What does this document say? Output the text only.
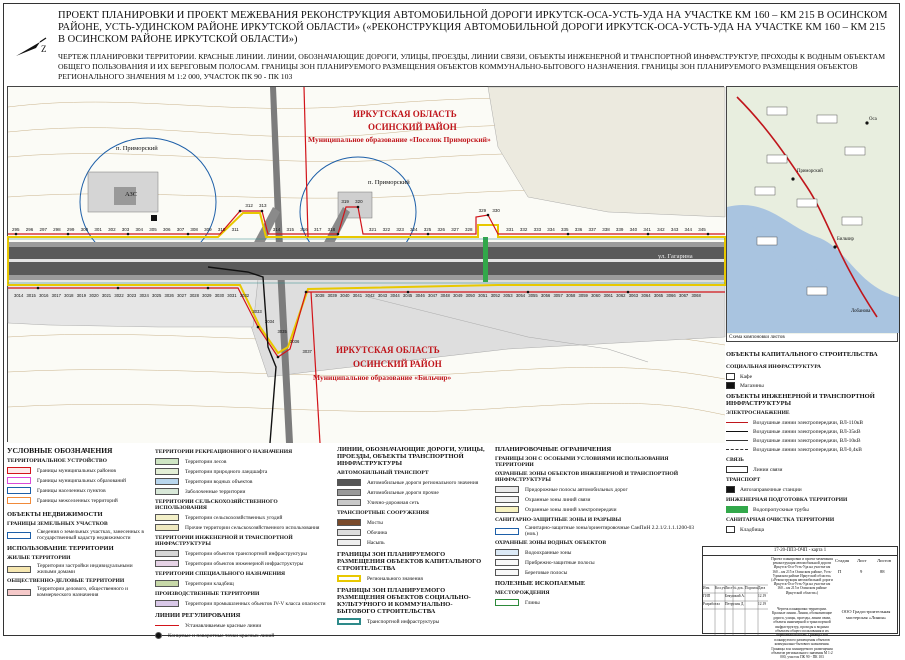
Z
ПРОЕКТ ПЛАНИРОВКИ И ПРОЕКТ МЕЖЕВАНИЯ РЕКОНСТРУКЦИЯ АВТОМОБИЛЬНОЙ ДОРОГИ ИРКУТСК-ОСА-УСТЬ-УДА НА УЧАСТКЕ КМ 160 – КМ 215 В ОСИНСКОМ РАЙОНЕ, УСТЬ-УДИНСКОМ РАЙОНЕ ИРКУТСКОЙ ОБЛАСТИ» («РЕКОНСТРУКЦИЯ АВТОМОБИЛЬНОЙ ДОРОГИ ИРКУТСК-ОСА-УСТЬ-УДА НА УЧАСТКЕ КМ 160 – КМ 215 В ОСИНСКОМ РАЙОНЕ ИРКУТСКОЙ ОБЛАСТИ»)
ЧЕРТЕЖ ПЛАНИРОВКИ ТЕРРИТОРИИ. КРАСНЫЕ ЛИНИИ. ЛИНИИ, ОБОЗНАЧАЮЩИЕ ДОРОГИ, УЛИЦЫ, ПРОЕЗДЫ, ЛИНИИ СВЯЗИ, ОБЪЕКТЫ ИНЖЕНЕРНОЙ И ТРАНСПОРТНОЙ ИНФРАСТРУКТУР, ПРОХОДЫ К ВОДНЫМ ОБЪЕКТАМ ОБЩЕГО ПОЛЬЗОВАНИЯ И ИХ БЕРЕГОВЫМ ПОЛОСАМ. ГРАНИЦЫ ЗОН ПЛАНИРУЕМОГО РАЗМЕЩЕНИЯ ОБЪЕКТОВ КОММУНАЛЬНО-БЫТОВОГО НАЗНАЧЕНИЯ. ГРАНИЦЫ ЗОН ПЛАНИРУЕМОГО РАЗМЕЩЕНИЯ ОБЪЕКТОВ РЕГИОНАЛЬНОГО ЗНАЧЕНИЯ М 1:2 000, УЧАСТОК ПК 90 - ПК 103
ИРКУТСКАЯ ОБЛАСТЬ
ОСИНСКИЙ РАЙОН
Муниципальное образование «Поселок Приморский»
ИРКУТСКАЯ ОБЛАСТЬ
ОСИНСКИЙ РАЙОН
Муниципальное образование «Бильчир»
п. Приморский
п. Приморский
АЗС
ул. Гагарина
295 296 297 298 299 300 301 302 303 304 305 306 307 308 309 310 311
312 313
314 315 316 317 318
319 320
321 322 323 324 325 326 327 328
329 330
331 332 333 334 335 336 337 338 339 340 341 342 343 344 345
3014 3015 3016 3017 3018 3019 3020 3021 3022 3023 3024 3025 3026 3027 3028 3029 3030 3031 3032
3033
3034
3035
3036
3037
3038 3039 3040 3041 3042 3043 3044 3045 3046 3047 3048 3049 3050 3051 3052 3053 3054 3055 3056 3057 3058 3059 3060 3061 3062 3063 3064 3065 3066 3067 3068
Приморский
Бильчир
Оса
Лобанова
Схема компоновки листов
ОБЪЕКТЫ КАПИТАЛЬНОГО СТРОИТЕЛЬСТВА
СОЦИАЛЬНАЯ ИНФРАСТРУКТУРА
Кафе
Магазины
ОБЪЕКТЫ ИНЖЕНЕРНОЙ И ТРАНСПОРТНОЙ ИНФРАСТРУКТУРЫ
ЭЛЕКТРОСНАБЖЕНИЕ
Воздушные линии электропередачи, ВЛ-110кВ
Воздушные линии электропередачи, ВЛ-35кВ
Воздушные линии электропередачи, ВЛ-10кВ
Воздушные линии электропередачи, ВЛ-0,4кВ
СВЯЗЬ
Линии связи
ТРАНСПОРТ
Автозаправочные станции
ИНЖЕНЕРНАЯ ПОДГОТОВКА ТЕРРИТОРИИ
Водопропускные трубы
САНИТАРНАЯ ОЧИСТКА ТЕРРИТОРИИ
Кладбища
УСЛОВНЫЕ ОБОЗНАЧЕНИЯ
ТЕРРИТОРИАЛЬНОЕ УСТРОЙСТВО
Границы муниципальных районов
Границы муниципальных образований
Границы населенных пунктов
Границы межселенных территорий
ОБЪЕКТЫ НЕДВИЖИМОСТИ
ГРАНИЦЫ ЗЕМЕЛЬНЫХ УЧАСТКОВ
Сведения о земельных участках, занесенных в государственный кадастр недвижимости
ИСПОЛЬЗОВАНИЕ ТЕРРИТОРИИ
ЖИЛЫЕ ТЕРРИТОРИИ
Территории застройки индивидуальными жилыми домами
ОБЩЕСТВЕННО-ДЕЛОВЫЕ ТЕРРИТОРИИ
Территории делового, общественного и коммерческого назначения
ТЕРРИТОРИИ РЕКРЕАЦИОННОГО НАЗНАЧЕНИЯ
Территории лесов
Территории природного ландшафта
Территории водных объектов
Заболоченные территории
ТЕРРИТОРИИ СЕЛЬСКОХОЗЯЙСТВЕННОГО ИСПОЛЬЗОВАНИЯ
Территории сельскохозяйственных угодий
Прочие территории сельскохозяйственного использования
ТЕРРИТОРИИ ИНЖЕНЕРНОЙ И ТРАНСПОРТНОЙ ИНФРАСТРУКТУРЫ
Территории объектов транспортной инфраструктуры
Территории объектов инженерной инфраструктуры
ТЕРРИТОРИИ СПЕЦИАЛЬНОГО НАЗНАЧЕНИЯ
Территории кладбищ
ПРОИЗВОДСТВЕННЫЕ ТЕРРИТОРИИ
Территории промышленных объектов IV-V класса опасности
ЛИНИИ РЕГУЛИРОВАНИЯ
Устанавливаемые красные линии
Концевые и поворотные точки красных линий
ЛИНИИ, ОБОЗНАЧАЮЩИЕ ДОРОГИ, УЛИЦЫ, ПРОЕЗДЫ, ОБЪЕКТЫ ТРАНСПОРТНОЙ ИНФРАСТРУКТУРЫ
АВТОМОБИЛЬНЫЙ ТРАНСПОРТ
Автомобильные дороги регионального значения
Автомобильные дороги прочие
Улично-дорожная сеть
ТРАНСПОРТНЫЕ СООРУЖЕНИЯ
Мосты
Обочина
Насыпь
ГРАНИЦЫ ЗОН ПЛАНИРУЕМОГО РАЗМЕЩЕНИЯ ОБЪЕКТОВ КАПИТАЛЬНОГО СТРОИТЕЛЬСТВА
Регионального значения
ГРАНИЦЫ ЗОН ПЛАНИРУЕМОГО РАЗМЕЩЕНИЯ ОБЪЕКТОВ СОЦИАЛЬНО-КУЛЬТУРНОГО И КОММУНАЛЬНО-БЫТОВОГО СТРОИТЕЛЬСТВА
Транспортной инфраструктуры
ПЛАНИРОВОЧНЫЕ ОГРАНИЧЕНИЯ
ГРАНИЦЫ ЗОН С ОСОБЫМИ УСЛОВИЯМИ ИСПОЛЬЗОВАНИЯ ТЕРРИТОРИИ
ОХРАННЫЕ ЗОНЫ ОБЪЕКТОВ ИНЖЕНЕРНОЙ И ТРАНСПОРТНОЙ ИНФРАСТРУКТУРЫ
Придорожные полосы автомобильных дорог
Охранные зоны линий связи
Охранные зоны линий электропередачи
САНИТАРНО-ЗАЩИТНЫЕ ЗОНЫ И РАЗРЫВЫ
Санитарно-защитные зоны/ориентировочные СанПиН 2.2.1/2.1.1.1200-03 (нов.)
ОХРАННЫЕ ЗОНЫ ВОДНЫХ ОБЪЕКТОВ
Водоохранные зоны
Прибрежно-защитные полосы
Береговые полосы
ПОЛЕЗНЫЕ ИСКОПАЕМЫЕ
МЕСТОРОЖДЕНИЯ
Глины
17-20-ПП3-ОЧП - карта 1
Изм.	Кол.уч Лист № док. Подпись Дата
ГИП	Бекушкий А.	12.19
Разработал	Петрухин Д.	12.19
Проект планировки и проект межевания реконструкция автомобильной дороги Иркутск-Оса-Усть-Уда на участке км 160 – км 215 в Осинском районе, Усть-Удинском районе Иркутской области» («Реконструкция автомобильной дороги Иркутск-Оса-Усть-Уда на участке км 160 – км 215 в Осинском районе Иркутской области»)
Стадия Лист Листов
П	9	88
Чертеж планировки территории. Красные линии. Линии, обозначающие дороги, улицы, проезды, линии связи, объекты инженерной и транспортной инфраструктур, проходы к водным объектам общего пользования и их береговым полосам. Границы зон планируемого размещения объектов коммунально-бытового назначения. Границы зон планируемого размещения объектов регионального значения М 1:2 000, участок ПК 90 - ПК 103
ООО Градостроительная мастерская «Линия»
